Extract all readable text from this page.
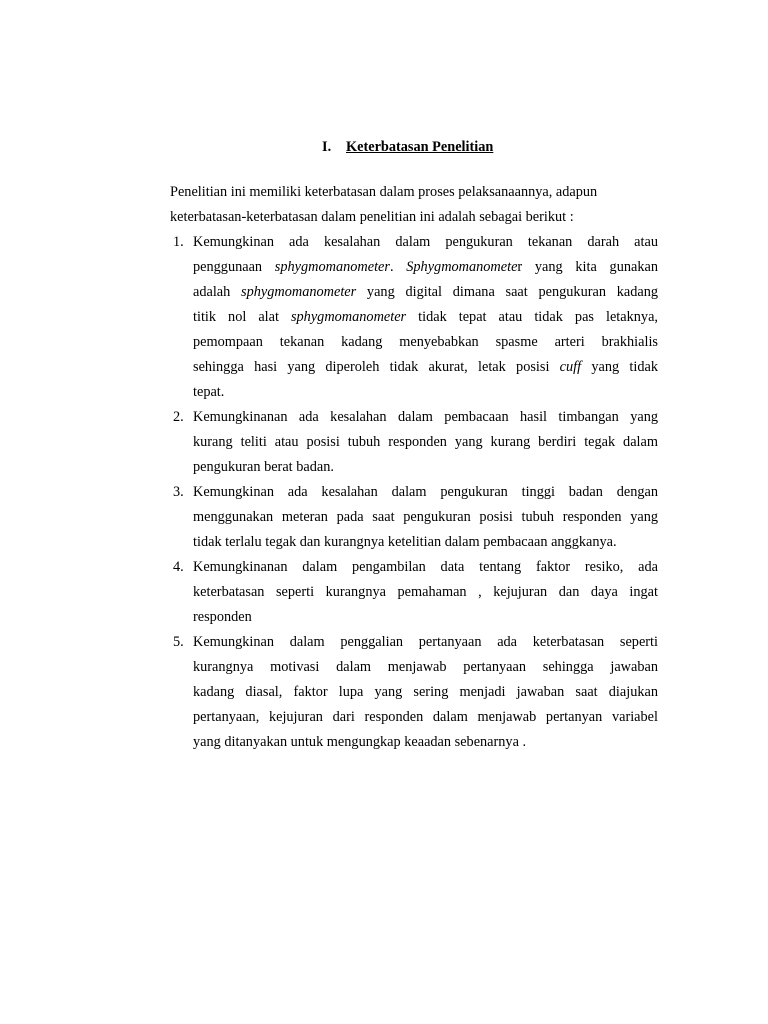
I. Keterbatasan Penelitian

Penelitian ini memiliki keterbatasan dalam proses pelaksanaannya, adapun
keterbatasan-keterbatasan dalam penelitian ini adalah sebagai berikut :

1. Kemungkinan ada kesalahan dalam pengukuran tekanan darah atau
penggunaan sphygmomanometer. Sphygmomanometer yang kita gunakan
adalah sphygmomanometer yang digital dimana saat pengukuran kadang
titik nol alat sphygmomanometer tidak tepat atau tidak pas letaknya,
pemompaan tekanan kadang menyebabkan spasme arteri brakhialis
sehingga hasi yang diperoleh tidak akurat, letak posisi cuff yang tidak
tepat.
2. Kemungkinanan ada kesalahan dalam pembacaan hasil timbangan yang
kurang teliti atau posisi tubuh responden yang kurang berdiri tegak dalam
pengukuran berat badan.
3. Kemungkinan ada kesalahan dalam pengukuran tinggi badan dengan
menggunakan meteran pada saat pengukuran posisi tubuh responden yang
tidak terlalu tegak dan kurangnya ketelitian dalam pembacaan anggkanya.
4. Kemungkinanan dalam pengambilan data tentang faktor resiko, ada
keterbatasan seperti kurangnya pemahaman , kejujuran dan daya ingat
responden
5. Kemungkinan dalam penggalian pertanyaan ada keterbatasan seperti
kurangnya motivasi dalam menjawab pertanyaan sehingga jawaban
kadang diasal, faktor lupa yang sering menjadi jawaban saat diajukan
pertanyaan, kejujuran dari responden dalam menjawab pertanyan variabel
yang ditanyakan untuk mengungkap keaadan sebenarnya .
